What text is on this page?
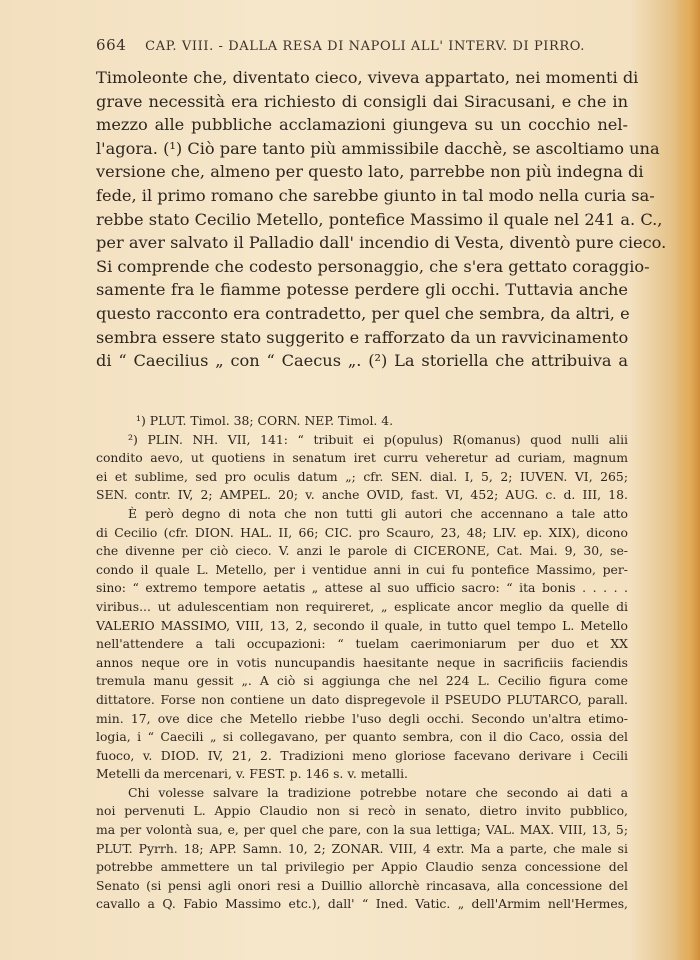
664 CAP. VIII. - DALLA RESA DI NAPOLI ALL' INTERV. DI PIRRO.
Timoleonte che, diventato cieco, viveva appartato, nei momenti di
grave necessità era richiesto di consigli dai Siracusani, e che in
mezzo alle pubbliche acclamazioni giungeva su un cocchio nel-
l'agora. (¹) Ciò pare tanto più ammissibile dacchè, se ascoltiamo una
versione che, almeno per questo lato, parrebbe non più indegna di
fede, il primo romano che sarebbe giunto in tal modo nella curia sa-
rebbe stato Cecilio Metello, pontefice Massimo il quale nel 241 a. C.,
per aver salvato il Palladio dall' incendio di Vesta, diventò pure cieco.
Si comprende che codesto personaggio, che s'era gettato coraggio-
samente fra le fiamme potesse perdere gli occhi. Tuttavia anche
questo racconto era contradetto, per quel che sembra, da altri, e
sembra essere stato suggerito e rafforzato da un ravvicinamento
di “ Caecilius „ con “ Caecus „. (²) La storiella che attribuiva a
¹) PLUT. Timol. 38; CORN. NEP. Timol. 4.
²) PLIN. NH. VII, 141: “ tribuit ei p(opulus) R(omanus) quod nulli alii
condito aevo, ut quotiens in senatum iret curru veheretur ad curiam, magnum
ei et sublime, sed pro oculis datum „; cfr. SEN. dial. I, 5, 2; IUVEN. VI, 265;
SEN. contr. IV, 2; AMPEL. 20; v. anche OVID, fast. VI, 452; AUG. c. d. III, 18.
È però degno di nota che non tutti gli autori che accennano a tale atto
di Cecilio (cfr. DION. HAL. II, 66; CIC. pro Scauro, 23, 48; LIV. ep. XIX), dicono
che divenne per ciò cieco. V. anzi le parole di CICERONE, Cat. Mai. 9, 30, se-
condo il quale L. Metello, per i ventidue anni in cui fu pontefice Massimo, per-
sino: “ extremo tempore aetatis „ attese al suo ufficio sacro: “ ita bonis . . . . .
viribus... ut adulescentiam non requireret, „ esplicate ancor meglio da quelle di
VALERIO MASSIMO, VIII, 13, 2, secondo il quale, in tutto quel tempo L. Metello
nell'attendere a tali occupazioni: “ tuelam caerimoniarum per duo et XX
annos neque ore in votis nuncupandis haesitante neque in sacrificiis faciendis
tremula manu gessit „. A ciò si aggiunga che nel 224 L. Cecilio figura come
dittatore. Forse non contiene un dato dispregevole il PSEUDO PLUTARCO, parall.
min. 17, ove dice che Metello riebbe l'uso degli occhi. Secondo un'altra etimo-
logia, i “ Caecili „ si collegavano, per quanto sembra, con il dio Caco, ossia del
fuoco, v. DIOD. IV, 21, 2. Tradizioni meno gloriose facevano derivare i Cecili
Metelli da mercenari, v. FEST. p. 146 s. v. metalli.
Chi volesse salvare la tradizione potrebbe notare che secondo ai dati a
noi pervenuti L. Appio Claudio non si recò in senato, dietro invito pubblico,
ma per volontà sua, e, per quel che pare, con la sua lettiga; VAL. MAX. VIII, 13, 5;
PLUT. Pyrrh. 18; APP. Samn. 10, 2; ZONAR. VIII, 4 extr. Ma a parte, che male si
potrebbe ammettere un tal privilegio per Appio Claudio senza concessione del
Senato (si pensi agli onori resi a Duillio allorchè rincasava, alla concessione del
cavallo a Q. Fabio Massimo etc.), dall' “ Ined. Vatic. „ dell'Armim nell'Hermes,
